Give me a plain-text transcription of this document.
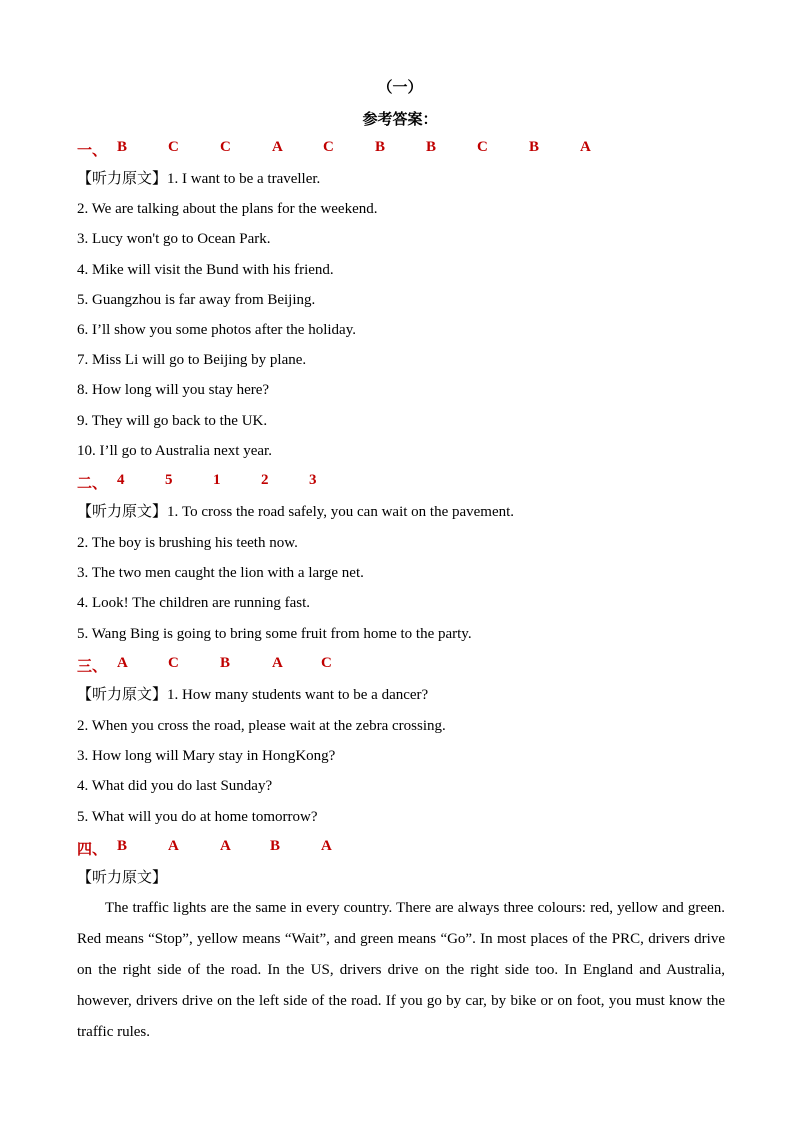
（一）
参考答案：
一、 B	C	C	A	C	B	B	C	B	A
【听力原文】1. I want to be a traveller.
2. We are talking about the plans for the weekend.
3. Lucy won't go to Ocean Park.
4. Mike will visit the Bund with his friend.
5. Guangzhou is far away from Beijing.
6. I’ll show you some photos after the holiday.
7. Miss Li will go to Beijing by plane.
8. How long will you stay here?
9. They will go back to the UK.
10. I’ll go to Australia next year.
二、 4	5	1	2	3
【听力原文】1. To cross the road safely, you can wait on the pavement.
2. The boy is brushing his teeth now.
3. The two men caught the lion with a large net.
4. Look! The children are running fast.
5. Wang Bing is going to bring some fruit from home to the party.
三、 A	C	B	A	C
【听力原文】1. How many students want to be a dancer?
2. When you cross the road, please wait at the zebra crossing.
3. How long will Mary stay in HongKong?
4. What did you do last Sunday?
5. What will you do at home tomorrow?
四、 B	A	A	B	A
【听力原文】
The traffic lights are the same in every country. There are always three colours: red, yellow and green. Red means “Stop”, yellow means “Wait”, and green means “Go”. In most places of the PRC, drivers drive on the right side of the road. In the US, drivers drive on the right side too. In England and Australia, however, drivers drive on the left side of the road. If you go by car, by bike or on foot, you must know the traffic rules.
